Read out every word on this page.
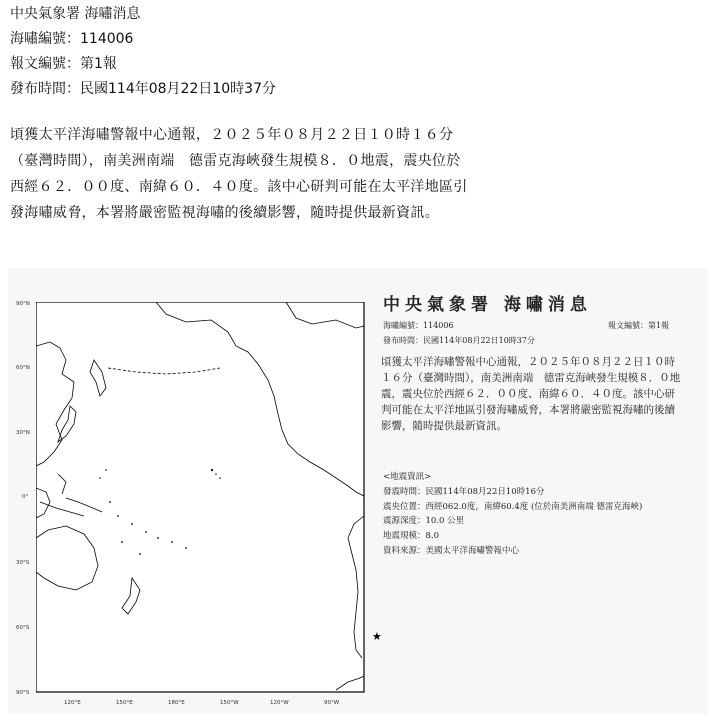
中央氣象署 海嘯消息
海嘯編號：114006
報文編號：第1報
發布時間：民國114年08月22日10時37分
頃獲太平洋海嘯警報中心通報，２０２５年０８月２２日１０時１６分（臺灣時間），南美洲南端　德雷克海峽發生規模８．０地震，震央位於西經６２．００度、南緯６０．４０度。該中心研判可能在太平洋地區引發海嘯威脅，本署將嚴密監視海嘯的後續影響，隨時提供最新資訊。
90°N
60°N
30°N
0°
30°S
60°S
90°S
120°E	150°E	180°E	150°W	120°W	90°W
★
中央氣象署 海嘯消息
海嘯編號：114006	報文編號：第1報
發布時間：民國114年08月22日10時37分
頃獲太平洋海嘯警報中心通報，２０２５年０８月２２日１０時１６分（臺灣時間），南美洲南端　德雷克海峽發生規模８．０地震，震央位於西經６２．００度、南緯６０．４０度。該中心研判可能在太平洋地區引發海嘯威脅，本署將嚴密監視海嘯的後續影響，隨時提供最新資訊。
<地震資訊>
發震時間：民國114年08月22日10時16分
震央位置：西經062.0度，南緯60.4度 (位於南美洲南端 德雷克海峽)
震源深度：10.0 公里
地震規模：8.0
資料來源：美國太平洋海嘯警報中心
